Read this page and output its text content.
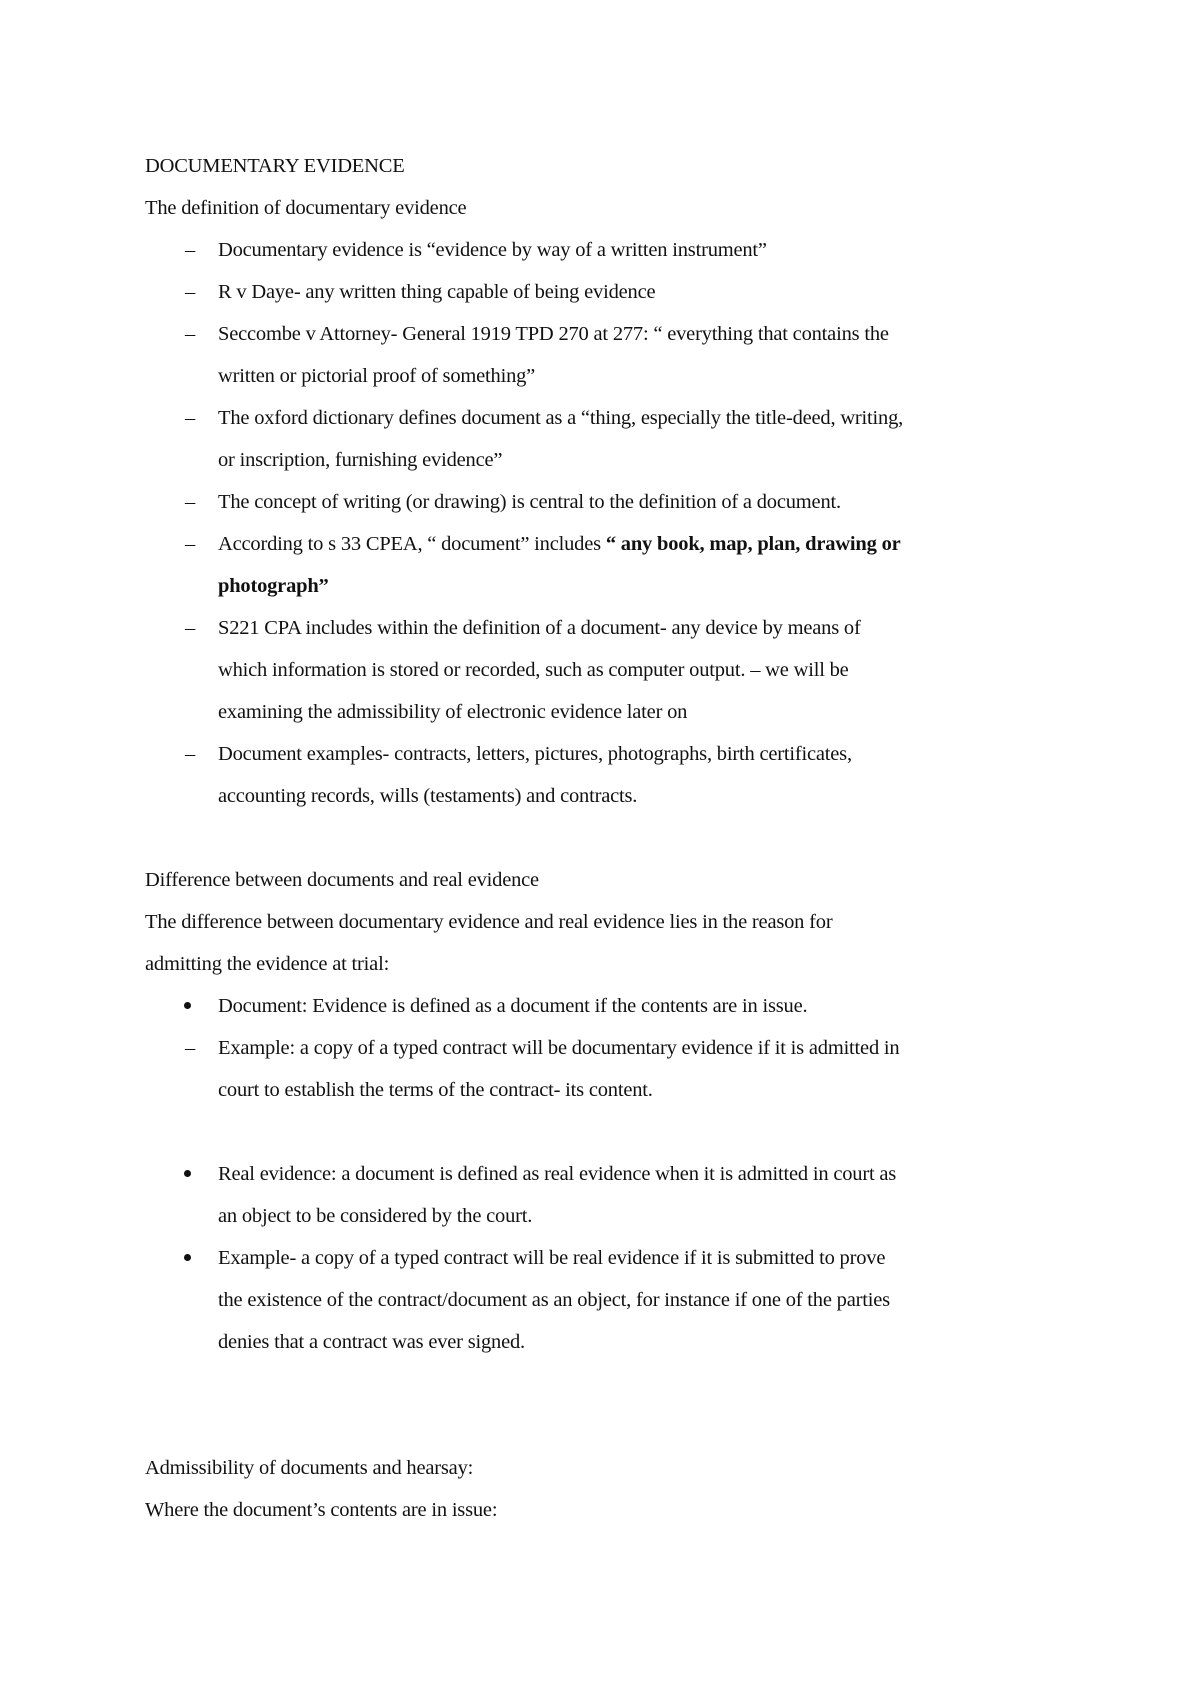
DOCUMENTARY EVIDENCE

The definition of documentary evidence

–	Documentary evidence is “evidence by way of a written instrument”
–	R v Daye- any written thing capable of being evidence
–	Seccombe v Attorney- General 1919 TPD 270 at 277: “ everything that contains the
written or pictorial proof of something”
–	The oxford dictionary defines document as a “thing, especially the title-deed, writing,
or inscription, furnishing evidence”
–	The concept of writing (or drawing) is central to the definition of a document.
–	According to s 33 CPEA, “ document” includes “ any book, map, plan, drawing or
photograph”
–	S221 CPA includes within the definition of a document- any device by means of
which information is stored or recorded, such as computer output. – we will be
examining the admissibility of electronic evidence later on
–	Document examples- contracts, letters, pictures, photographs, birth certificates,
accounting records, wills (testaments) and contracts.

Difference between documents and real evidence

The difference between documentary evidence and real evidence lies in the reason for

admitting the evidence at trial:

Document: Evidence is defined as a document if the contents are in issue.
–	Example: a copy of a typed contract will be documentary evidence if it is admitted in
court to establish the terms of the contract- its content.
Real evidence: a document is defined as real evidence when it is admitted in court as
an object to be considered by the court.
Example- a copy of a typed contract will be real evidence if it is submitted to prove
the existence of the contract/document as an object, for instance if one of the parties
denies that a contract was ever signed.

Admissibility of documents and hearsay:

Where the document’s contents are in issue:
